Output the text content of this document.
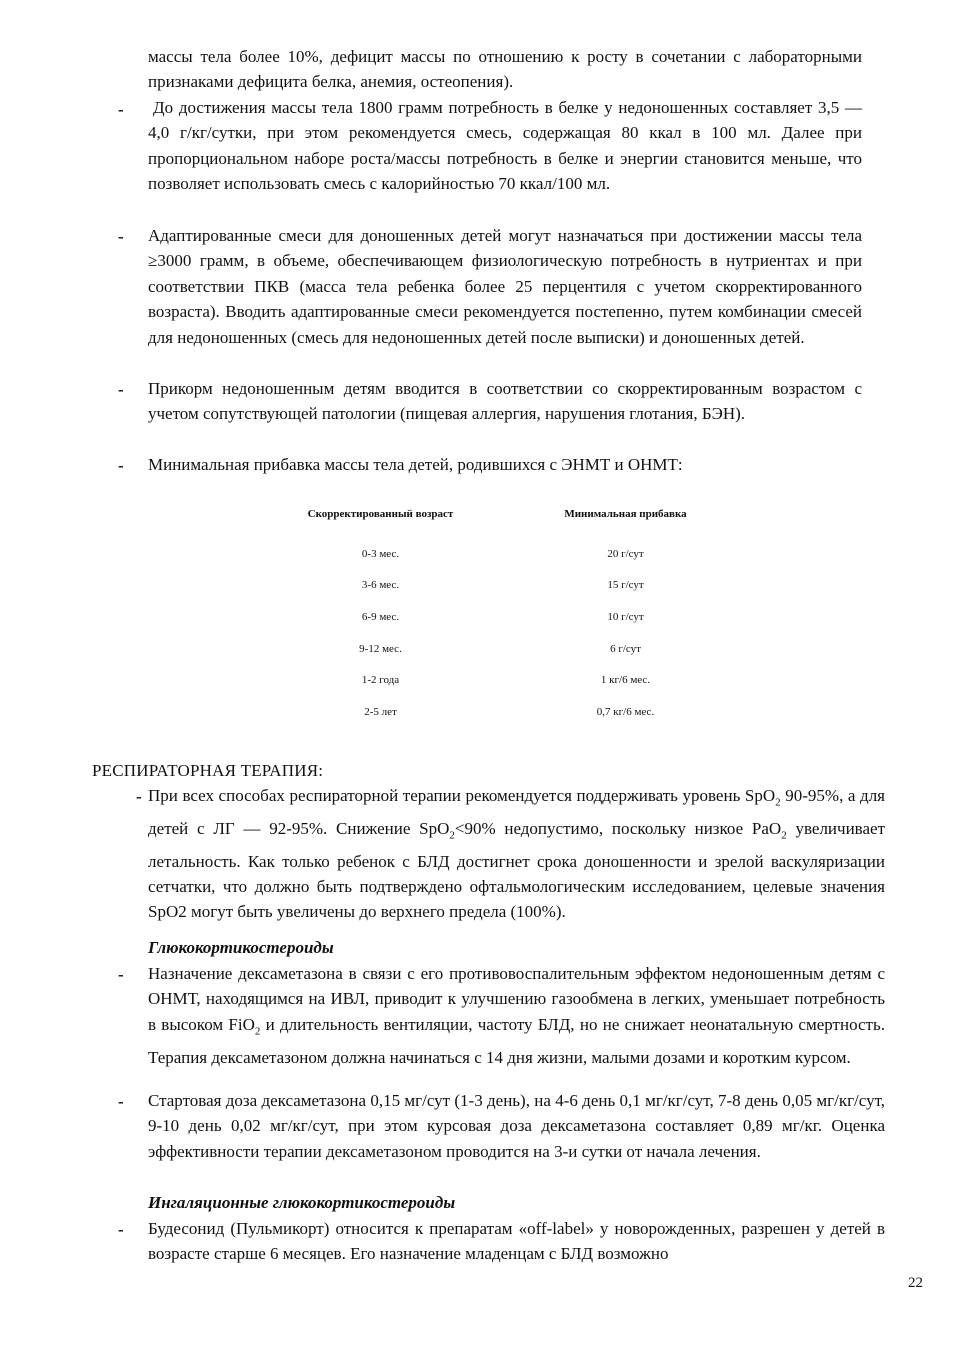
массы тела более 10%, дефицит массы по отношению к росту в сочетании с лабораторными признаками дефицита белка, анемия, остеопения).

- До достижения массы тела 1800 грамм потребность в белке у недоношенных составляет 3,5 — 4,0 г/кг/сутки, при этом рекомендуется смесь, содержащая 80 ккал в 100 мл. Далее при пропорциональном наборе роста/массы потребность в белке и энергии становится меньше, что позволяет использовать смесь с калорийностью 70 ккал/100 мл.

- Адаптированные смеси для доношенных детей могут назначаться при достижении массы тела ≥3000 грамм, в объеме, обеспечивающем физиологическую потребность в нутриентах и при соответствии ПКВ (масса тела ребенка более 25 перцентиля с учетом скорректированного возраста). Вводить адаптированные смеси рекомендуется постепенно, путем комбинации смесей для недоношенных (смесь для недоношенных детей после выписки) и доношенных детей.

- Прикорм недоношенным детям вводится в соответствии со скорректированным возрастом с учетом сопутствующей патологии (пищевая аллергия, нарушения глотания, БЭН).

- Минимальная прибавка массы тела детей, родившихся с ЭНМТ и ОНМТ:

Скорректированный возраст	Минимальная прибавка
0-3 мес.	20 г/сут
3-6 мес.	15 г/сут
6-9 мес.	10 г/сут
9-12 мес.	6 г/сут
1-2 года	1 кг/6 мес.
2-5 лет	0,7 кг/6 мес.
РЕСПИРАТОРНАЯ ТЕРАПИЯ:
- При всех способах респираторной терапии рекомендуется поддерживать уровень SpO$_2$ 90-95%, а для детей с ЛГ — 92-95%. Снижение SpO$_2$<90% недопустимо, поскольку низкое PaO$_2$ увеличивает летальность. Как только ребенок с БЛД достигнет срока доношенности и зрелой васкуляризации сетчатки, что должно быть подтверждено офтальмологическим исследованием, целевые значения SpO2 могут быть увеличены до верхнего предела (100%).

Глюкокортикостероиды
- Назначение дексаметазона в связи с его противовоспалительным эффектом недоношенным детям с ОНМТ, находящимся на ИВЛ, приводит к улучшению газообмена в легких, уменьшает потребность в высоком FiO$_2$ и длительность вентиляции, частоту БЛД, но не снижает неонатальную смертность. Терапия дексаметазоном должна начинаться с 14 дня жизни, малыми дозами и коротким курсом.

- Стартовая доза дексаметазона 0,15 мг/сут (1-3 день), на 4-6 день 0,1 мг/кг/сут, 7-8 день 0,05 мг/кг/сут, 9-10 день 0,02 мг/кг/сут, при этом курсовая доза дексаметазона составляет 0,89 мг/кг. Оценка эффективности терапии дексаметазоном проводится на 3-и сутки от начала лечения.

Ингаляционные глюкокортикостероиды
- Будесонид (Пульмикорт) относится к препаратам «off-label» у новорожденных, разрешен у детей в возрасте старше 6 месяцев. Его назначение младенцам с БЛД возможно

22
